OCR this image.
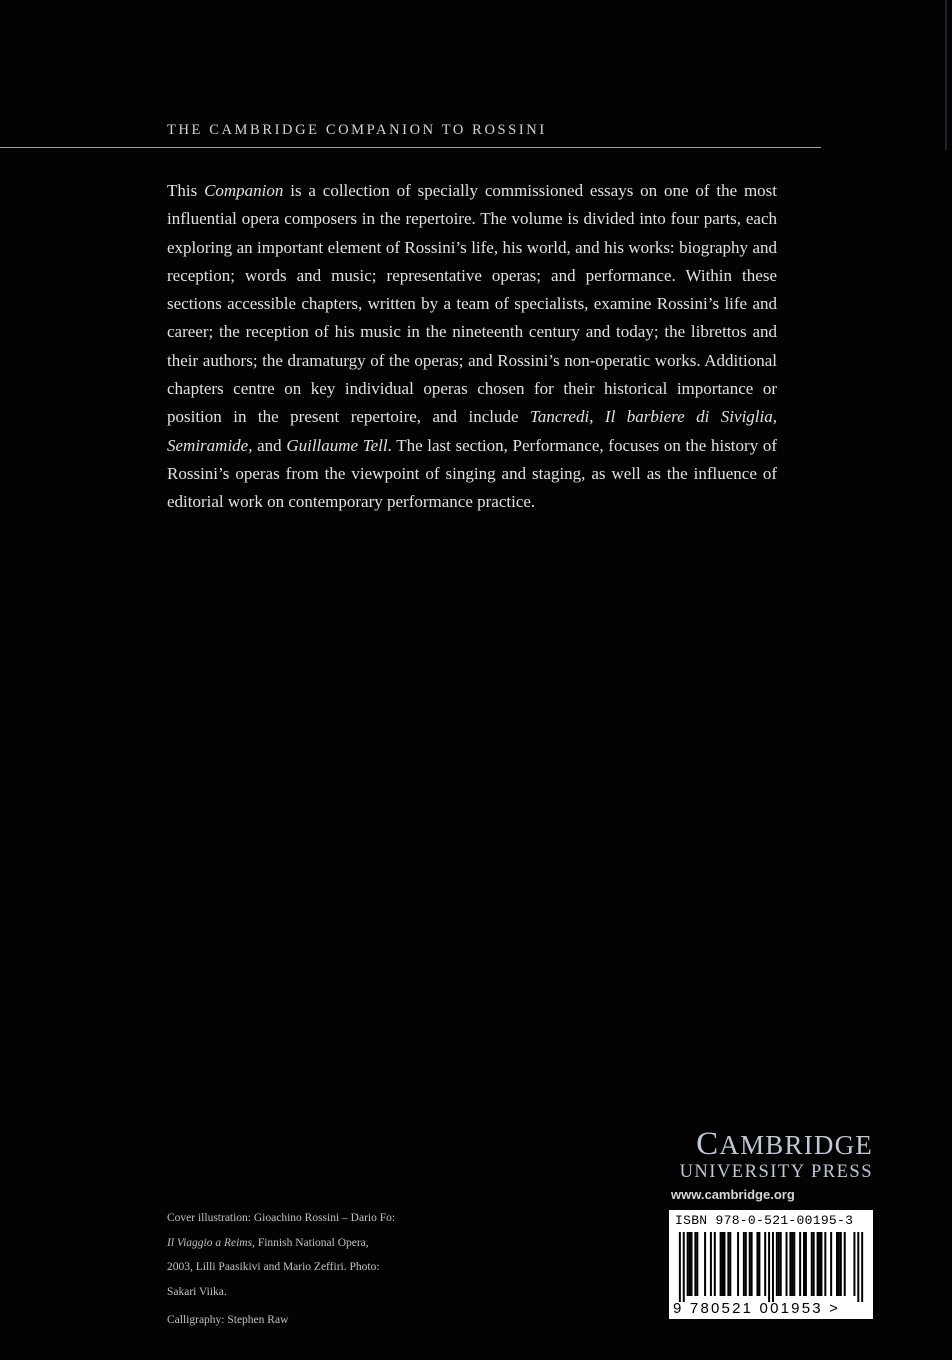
THE CAMBRIDGE COMPANION TO ROSSINI

This Companion is a collection of specially commissioned essays on one of the most influential opera composers in the repertoire. The volume is divided into four parts, each exploring an important element of Rossini’s life, his world, and his works: biography and reception; words and music; representative operas; and performance. Within these sections accessible chapters, written by a team of specialists, examine Rossini’s life and career; the reception of his music in the nineteenth century and today; the librettos and their authors; the dramaturgy of the operas; and Rossini’s non-operatic works. Additional chapters centre on key individual operas chosen for their historical importance or position in the present repertoire, and include Tancredi, Il barbiere di Siviglia, Semiramide, and Guillaume Tell. The last section, Performance, focuses on the history of Rossini’s operas from the viewpoint of singing and staging, as well as the influence of editorial work on contemporary performance practice.

Cover illustration: Gioachino Rossini – Dario Fo: Il Viaggio a Reims, Finnish National Opera, 2003, Lilli Paasikivi and Mario Zeffiri. Photo: Sakari Viika.

Calligraphy: Stephen Raw

CAMBRIDGE
UNIVERSITY PRESS
www.cambridge.org
ISBN 978-0-521-00195-3
9 780521 001953 >
